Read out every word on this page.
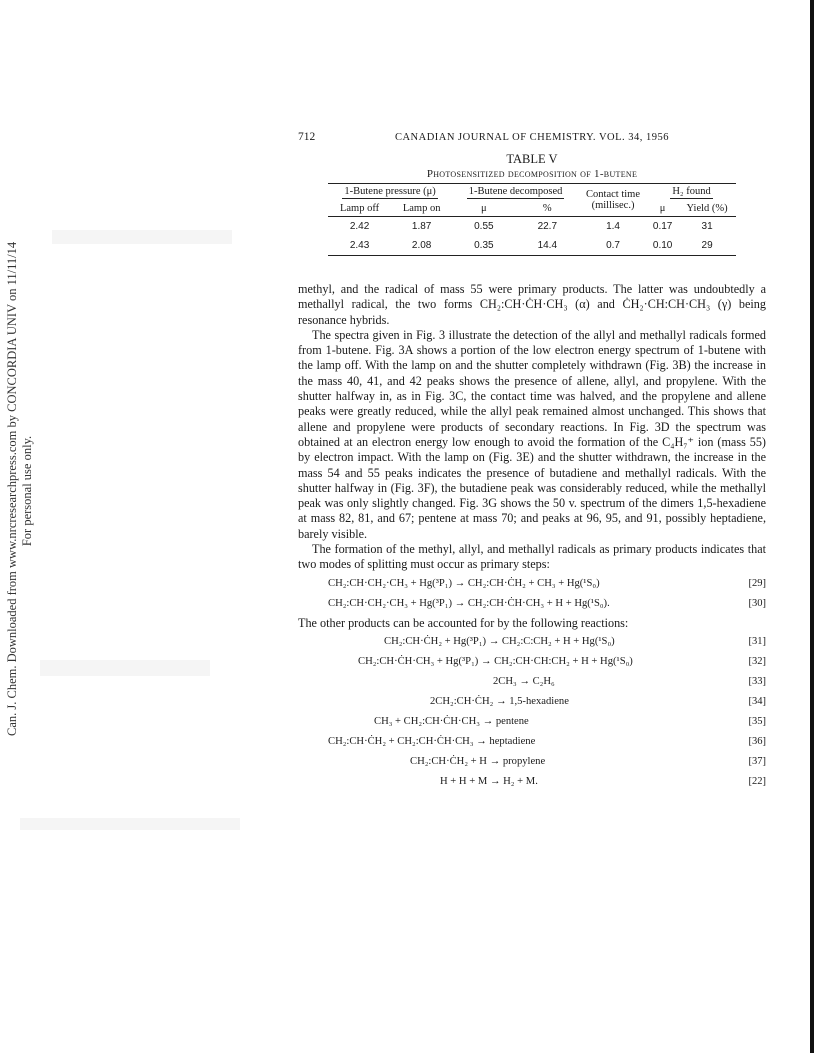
Can. J. Chem. Downloaded from www.nrcresearchpress.com by CONCORDIA UNIV on 11/11/14 For personal use only.
712	CANADIAN JOURNAL OF CHEMISTRY. VOL. 34, 1956
TABLE V
Photosensitized decomposition of 1-butene
1-Butene pressure (μ)		1-Butene decomposed		Contact time (millisec.)	H₂ found	
Lamp off	Lamp on	μ	%		μ	Yield (%)
2.42	1.87	0.55	22.7	1.4	0.17	31
2.43	2.08	0.35	14.4	0.7	0.10	29

methyl, and the radical of mass 55 were primary products. The latter was undoubtedly a methallyl radical, the two forms CH₂:CH·ĊH·CH₃ (α) and ĊH₂·CH:CH·CH₃ (γ) being resonance hybrids.

The spectra given in Fig. 3 illustrate the detection of the allyl and methallyl radicals formed from 1-butene. Fig. 3A shows a portion of the low electron energy spectrum of 1-butene with the lamp off. With the lamp on and the shutter completely withdrawn (Fig. 3B) the increase in the mass 40, 41, and 42 peaks shows the presence of allene, allyl, and propylene. With the shutter halfway in, as in Fig. 3C, the contact time was halved, and the propylene and allene peaks were greatly reduced, while the allyl peak remained almost unchanged. This shows that allene and propylene were products of secondary reactions. In Fig. 3D the spectrum was obtained at an electron energy low enough to avoid the formation of the C₄H₇⁺ ion (mass 55) by electron impact. With the lamp on (Fig. 3E) and the shutter withdrawn, the increase in the mass 54 and 55 peaks indicates the presence of butadiene and methallyl radicals. With the shutter halfway in (Fig. 3F), the butadiene peak was considerably reduced, while the methallyl peak was only slightly changed. Fig. 3G shows the 50 v. spectrum of the dimers 1,5-hexadiene at mass 82, 81, and 67; pentene at mass 70; and peaks at 96, 95, and 91, possibly heptadiene, barely visible.

The formation of the methyl, allyl, and methallyl radicals as primary products indicates that two modes of splitting must occur as primary steps:

CH₂:CH·CH₂·CH₃ + Hg(³P₁) → CH₂:CH·ĊH₂ + CH₃ + Hg(¹S₀)	[29]
CH₂:CH·CH₂·CH₃ + Hg(³P₁) → CH₂:CH·ĊH·CH₃ + H + Hg(¹S₀).	[30]

The other products can be accounted for by the following reactions:

CH₂:CH·ĊH₂ + Hg(³P₁) → CH₂:C:CH₂ + H + Hg(¹S₀)	[31]
CH₂:CH·ĊH·CH₃ + Hg(³P₁) → CH₂:CH·CH:CH₂ + H + Hg(¹S₀)	[32]
2CH₃ → C₂H₆	[33]
2CH₂:CH·ĊH₂ → 1,5-hexadiene	[34]
CH₃ + CH₂:CH·ĊH·CH₃ → pentene	[35]
CH₂:CH·ĊH₂ + CH₂:CH·ĊH·CH₃ → heptadiene	[36]
CH₂:CH·ĊH₂ + H → propylene	[37]
H + H + M → H₂ + M.	[22]
